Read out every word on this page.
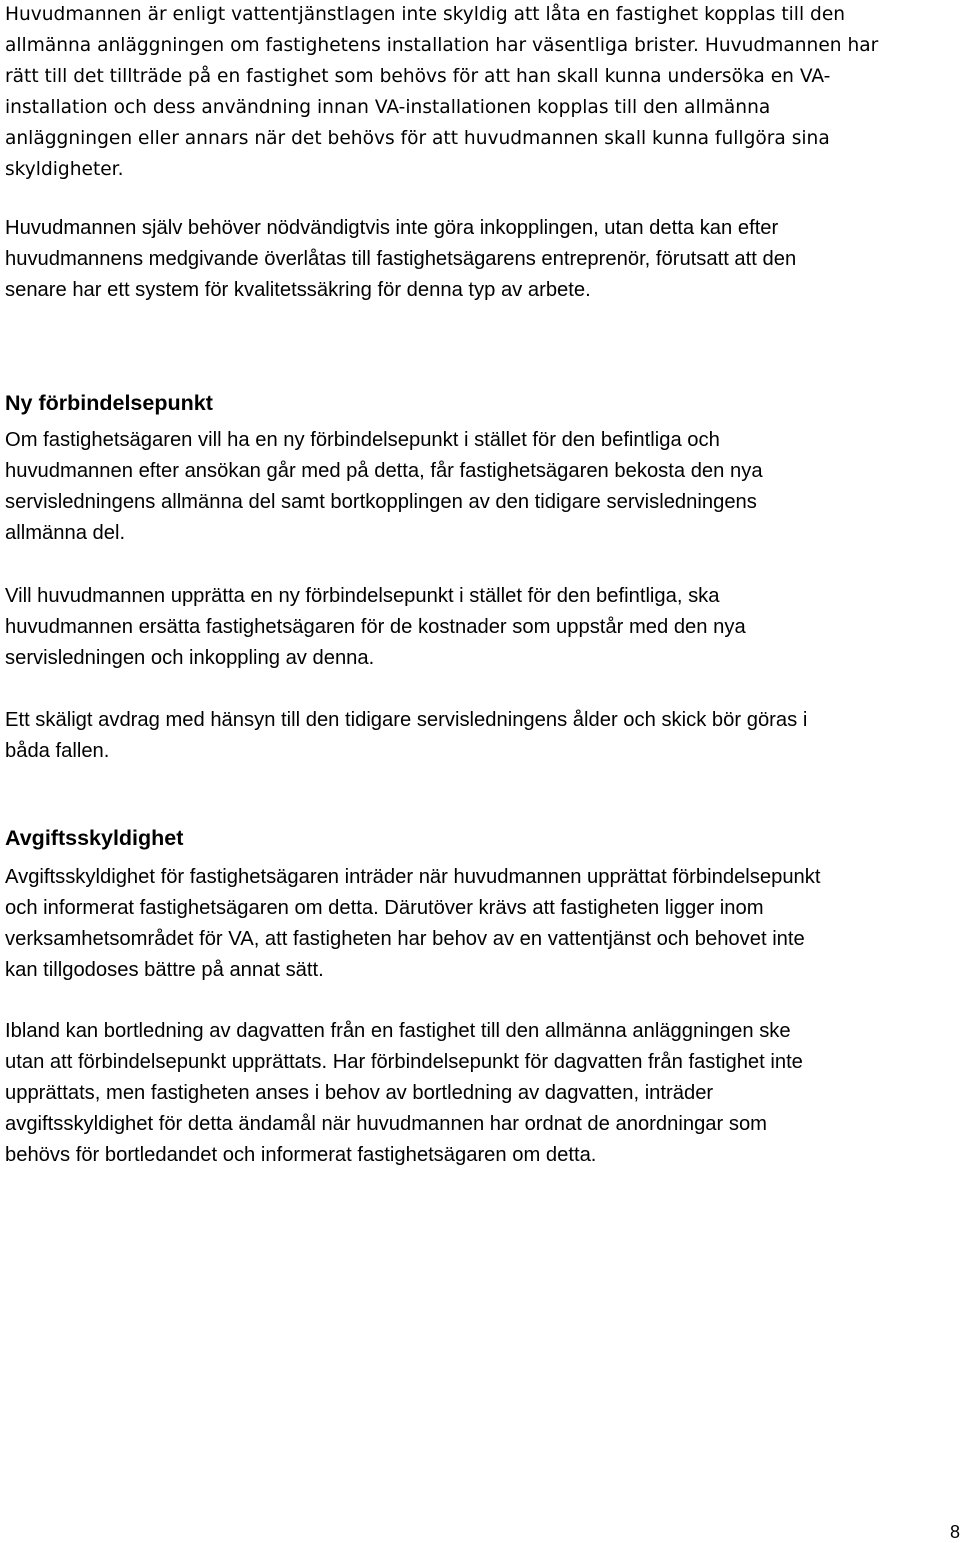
Huvudmannen är enligt vattentjänstlagen inte skyldig att låta en fastighet kopplas till den
allmänna anläggningen om fastighetens installation har väsentliga brister. Huvudmannen har
rätt till det tillträde på en fastighet som behövs för att han skall kunna undersöka en VA-
installation och dess användning innan VA-installationen kopplas till den allmänna
anläggningen eller annars när det behövs för att huvudmannen skall kunna fullgöra sina
skyldigheter.

Huvudmannen själv behöver nödvändigtvis inte göra inkopplingen, utan detta kan efter
huvudmannens medgivande överlåtas till fastighetsägarens entreprenör, förutsatt att den
senare har ett system för kvalitetssäkring för denna typ av arbete.

Ny förbindelsepunkt

Om fastighetsägaren vill ha en ny förbindelsepunkt i stället för den befintliga och
huvudmannen efter ansökan går med på detta, får fastighetsägaren bekosta den nya
servisledningens allmänna del samt bortkopplingen av den tidigare servisledningens
allmänna del.

Vill huvudmannen upprätta en ny förbindelsepunkt i stället för den befintliga, ska
huvudmannen ersätta fastighetsägaren för de kostnader som uppstår med den nya
servisledningen och inkoppling av denna.

Ett skäligt avdrag med hänsyn till den tidigare servisledningens ålder och skick bör göras i
båda fallen.

Avgiftsskyldighet

Avgiftsskyldighet för fastighetsägaren inträder när huvudmannen upprättat förbindelsepunkt
och informerat fastighetsägaren om detta. Därutöver krävs att fastigheten ligger inom
verksamhetsområdet för VA, att fastigheten har behov av en vattentjänst och behovet inte
kan tillgodoses bättre på annat sätt.

Ibland kan bortledning av dagvatten från en fastighet till den allmänna anläggningen ske
utan att förbindelsepunkt upprättats. Har förbindelsepunkt för dagvatten från fastighet inte
upprättats, men fastigheten anses i behov av bortledning av dagvatten, inträder
avgiftsskyldighet för detta ändamål när huvudmannen har ordnat de anordningar som
behövs för bortledandet och informerat fastighetsägaren om detta.

8
